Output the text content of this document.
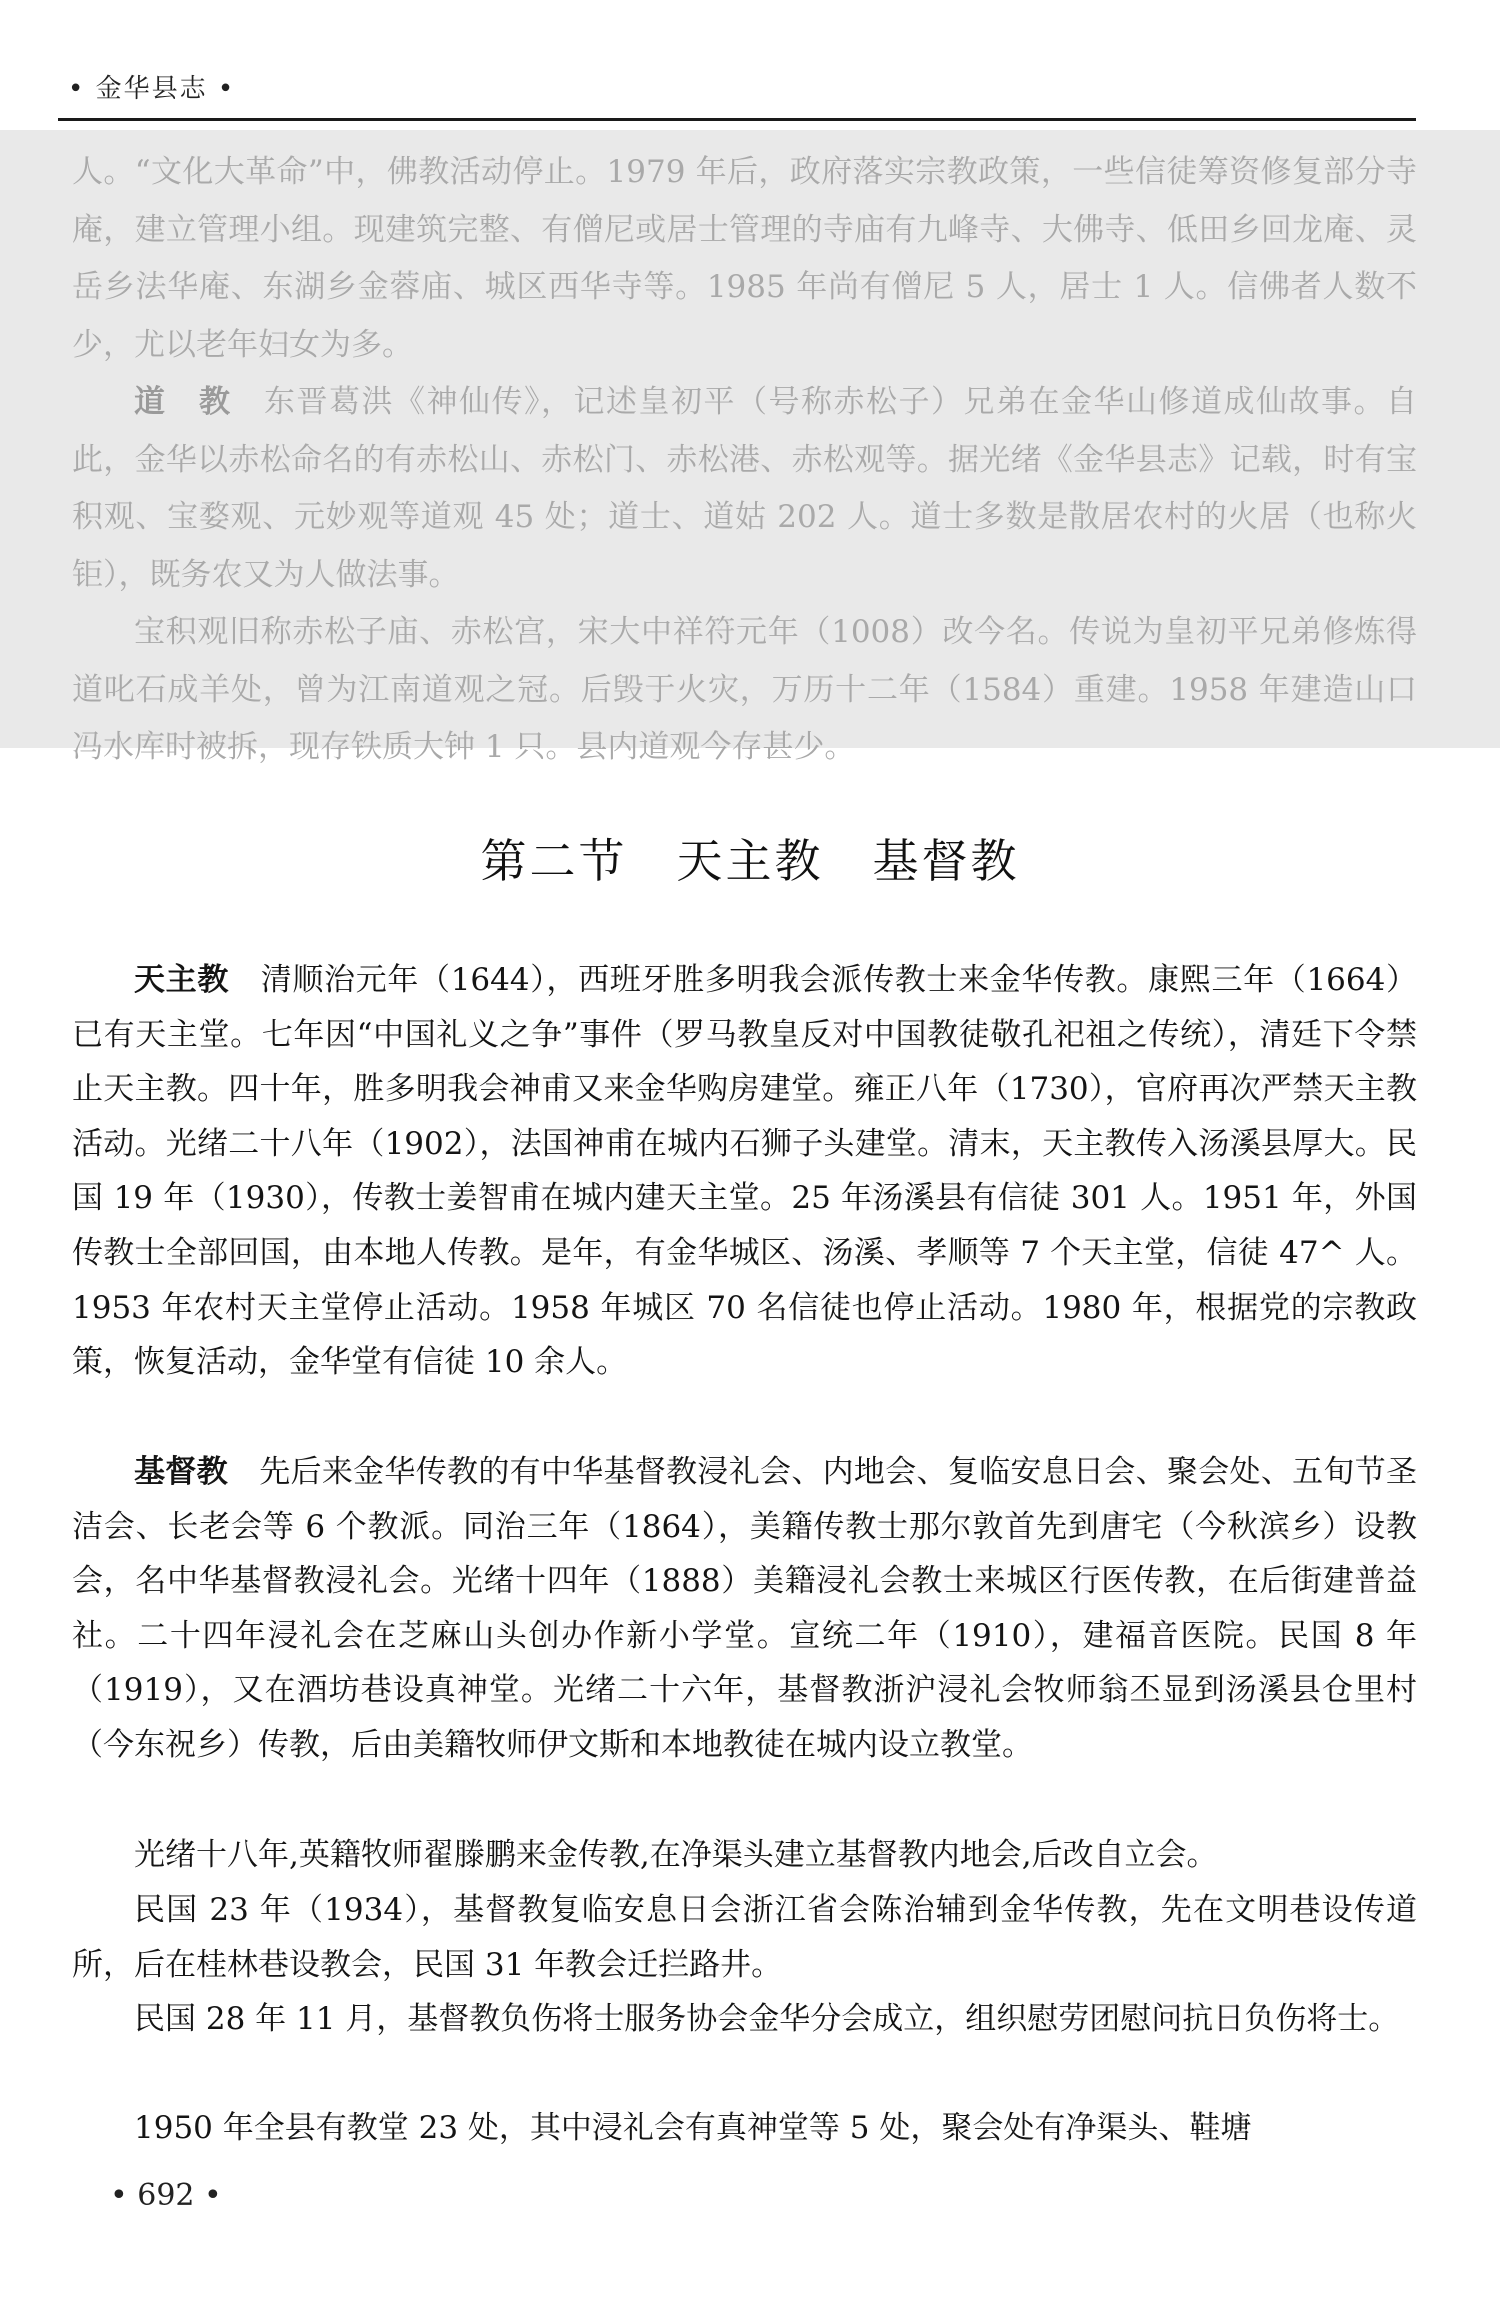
• 金华县志 •

人。“文化大革命”中，佛教活动停止。1979 年后，政府落实宗教政策，一些信徒筹资修复部分寺庵，建立管理小组。现建筑完整、有僧尼或居士管理的寺庙有九峰寺、大佛寺、低田乡回龙庵、灵岳乡法华庵、东湖乡金蓉庙、城区西华寺等。1985 年尚有僧尼 5 人，居士 1 人。信佛者人数不少，尤以老年妇女为多。

道　教　 东晋葛洪《神仙传》，记述皇初平（号称赤松子）兄弟在金华山修道成仙故事。自此，金华以赤松命名的有赤松山、赤松门、赤松港、赤松观等。据光绪《金华县志》记载，时有宝积观、宝婺观、元妙观等道观 45 处；道士、道姑 202 人。道士多数是散居农村的火居（也称火钜），既务农又为人做法事。

宝积观旧称赤松子庙、赤松宫，宋大中祥符元年（1008）改今名。传说为皇初平兄弟修炼得道叱石成羊处，曾为江南道观之冠。后毁于火灾，万历十二年（1584）重建。1958 年建造山口冯水库时被拆，现存铁质大钟 1 只。县内道观今存甚少。

第二节　天主教　基督教

天主教　 清顺治元年（1644），西班牙胜多明我会派传教士来金华传教。康熙三年（1664）已有天主堂。七年因“中国礼义之争”事件（罗马教皇反对中国教徒敬孔祀祖之传统），清廷下令禁止天主教。四十年，胜多明我会神甫又来金华购房建堂。雍正八年（1730），官府再次严禁天主教活动。光绪二十八年（1902），法国神甫在城内石狮子头建堂。清末，天主教传入汤溪县厚大。民国 19 年（1930），传教士姜智甫在城内建天主堂。25 年汤溪县有信徒 301 人。1951 年，外国传教士全部回国，由本地人传教。是年，有金华城区、汤溪、孝顺等 7 个天主堂，信徒 47^ 人。1953 年农村天主堂停止活动。1958 年城区 70 名信徒也停止活动。1980 年，根据党的宗教政策，恢复活动，金华堂有信徒 10 余人。

基督教　 先后来金华传教的有中华基督教浸礼会、内地会、复临安息日会、聚会处、五旬节圣洁会、长老会等 6 个教派。同治三年（1864），美籍传教士那尔敦首先到唐宅（今秋滨乡）设教会，名中华基督教浸礼会。光绪十四年（1888）美籍浸礼会教士来城区行医传教，在后街建普益社。二十四年浸礼会在芝麻山头创办作新小学堂。宣统二年（1910），建福音医院。民国 8 年（1919），又在酒坊巷设真神堂。光绪二十六年，基督教浙沪浸礼会牧师翁丕显到汤溪县仓里村（今东祝乡）传教，后由美籍牧师伊文斯和本地教徒在城内设立教堂。

光绪十八年,英籍牧师翟滕鹏来金传教,在净渠头建立基督教内地会,后改自立会。

民国 23 年（1934），基督教复临安息日会浙江省会陈治辅到金华传教，先在文明巷设传道所，后在桂林巷设教会，民国 31 年教会迁拦路井。

民国 28 年 11 月，基督教负伤将士服务协会金华分会成立，组织慰劳团慰问抗日负伤将士。

1950 年全县有教堂 23 处，其中浸礼会有真神堂等 5 处，聚会处有净渠头、鞋塘

• 692 •
